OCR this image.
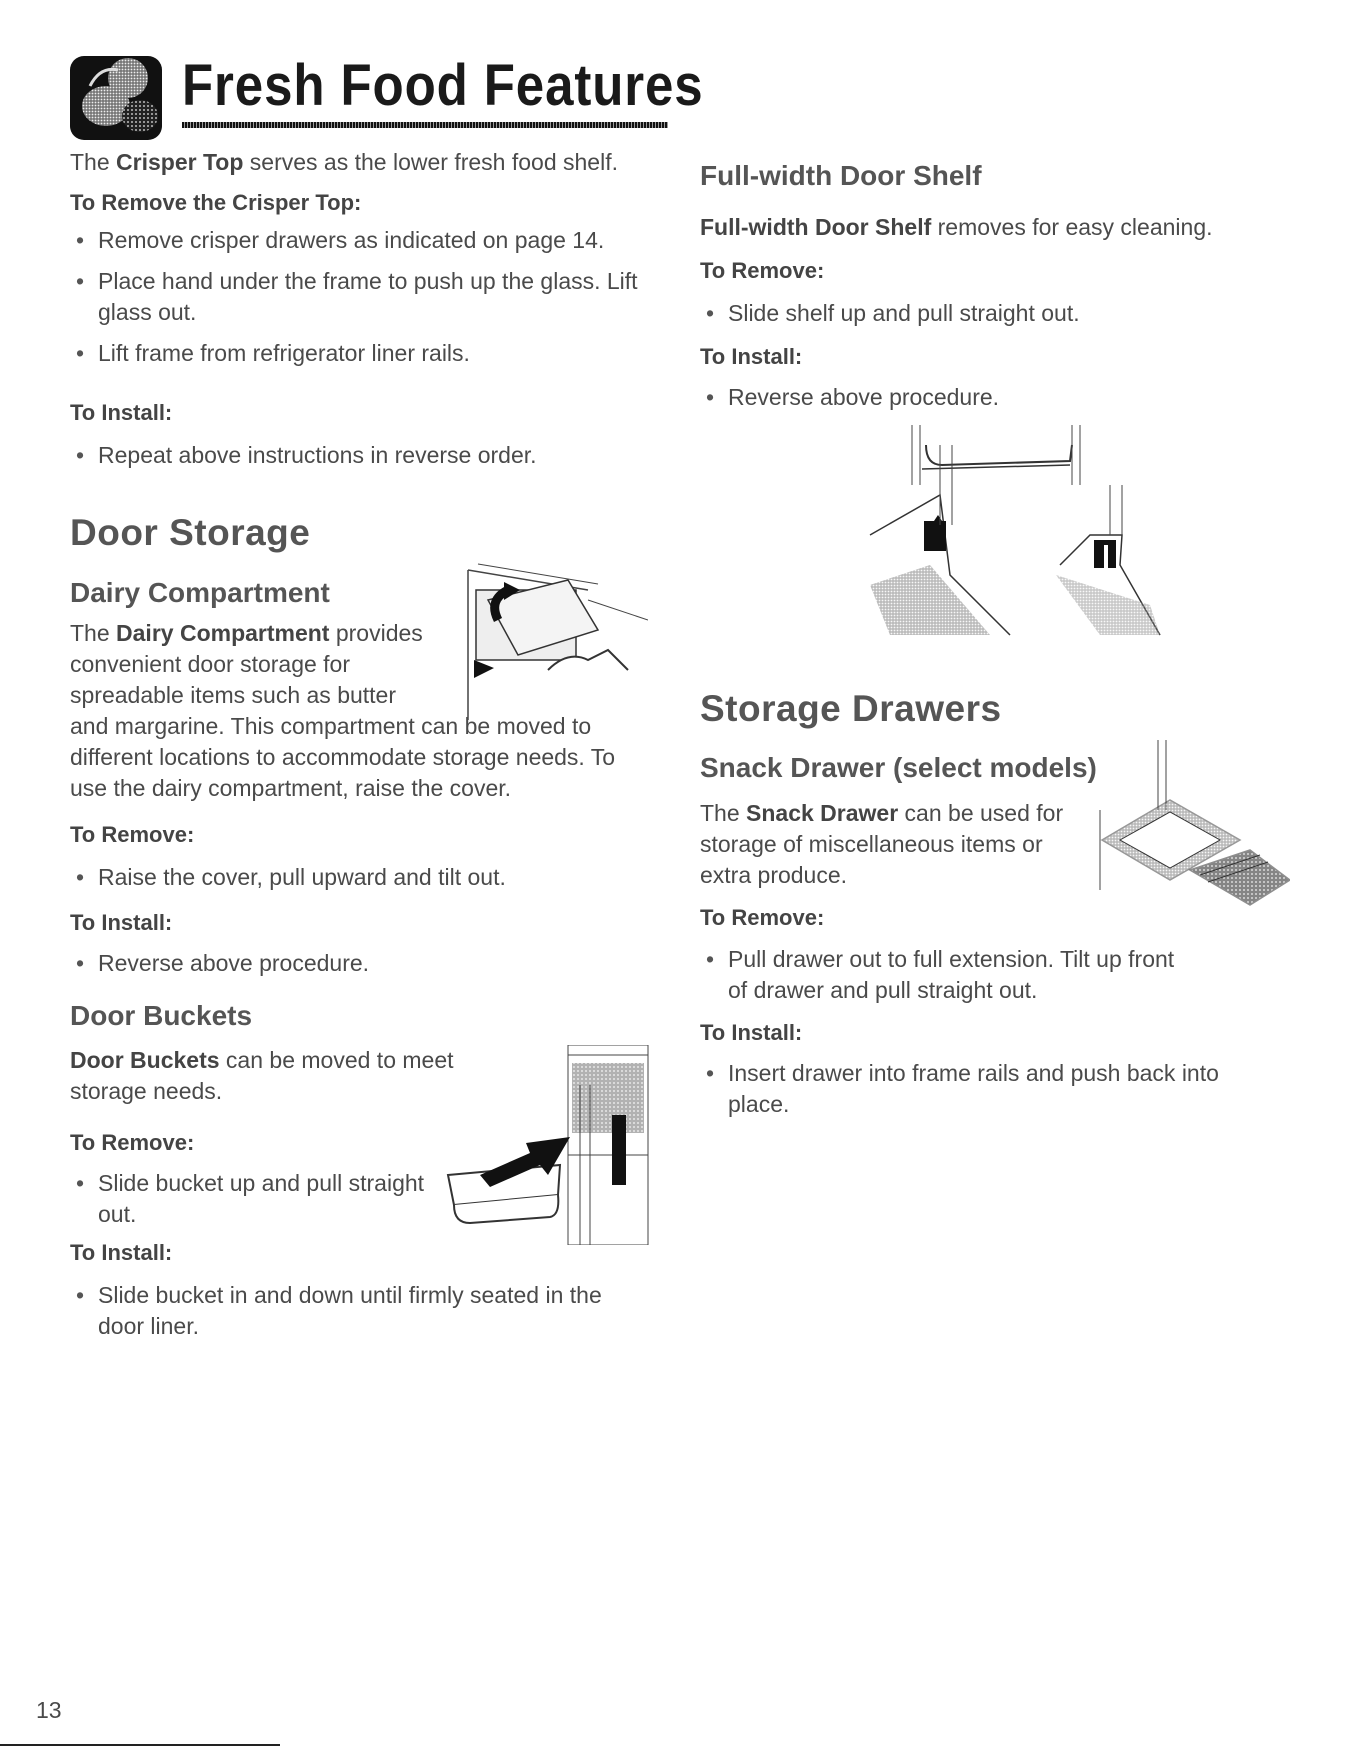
Fresh Food Features
The Crisper Top serves as the lower fresh food shelf.
To Remove the Crisper Top:
• Remove crisper drawers as indicated on page 14.
• Place hand under the frame to push up the glass. Lift glass out.
• Lift frame from refrigerator liner rails.
To Install:
• Repeat above instructions in reverse order.
Door Storage
Dairy Compartment
The Dairy Compartment provides
convenient door storage for
spreadable items such as butter
and margarine. This compartment can be moved to different locations to accommodate storage needs. To use the dairy compartment, raise the cover.
To Remove:
• Raise the cover, pull upward and tilt out.
To Install:
• Reverse above procedure.
Door Buckets
Door Buckets can be moved to meet
storage needs.
To Remove:
• Slide bucket up and pull straight
out.
To Install:
• Slide bucket in and down until firmly seated in the door liner.
Full-width Door Shelf
Full-width Door Shelf removes for easy cleaning.
To Remove:
• Slide shelf up and pull straight out.
To Install:
• Reverse above procedure.
Storage Drawers
Snack Drawer (select models)
The Snack Drawer can be used for
storage of miscellaneous items or
extra produce.
To Remove:
• Pull drawer out to full extension. Tilt up front of drawer and pull straight out.
To Install:
• Insert drawer into frame rails and push back into place.
13
